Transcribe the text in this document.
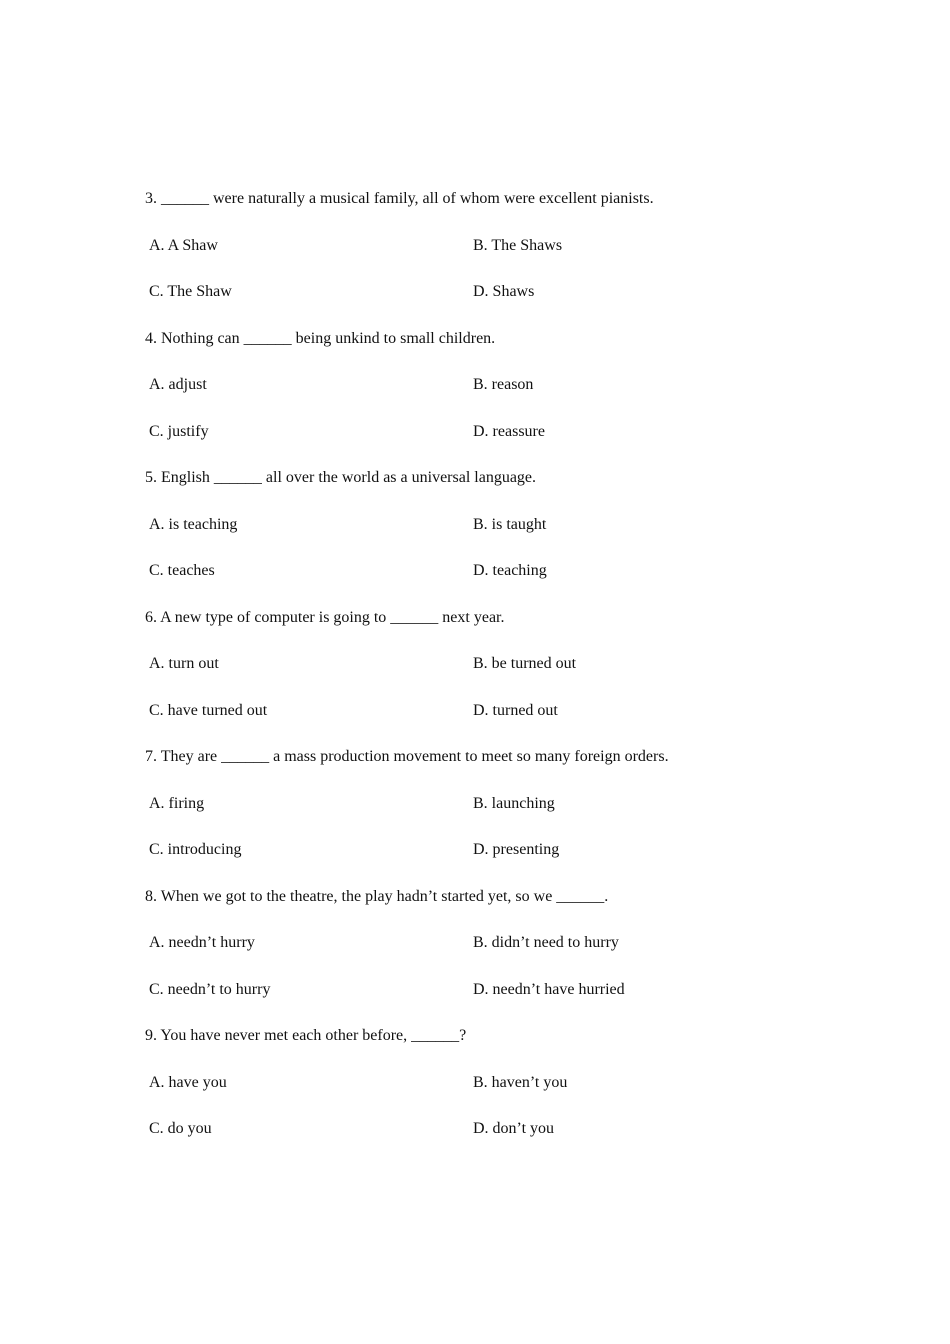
3. ______ were naturally a musical family, all of whom were excellent pianists.
A. A Shaw	B. The Shaws
C. The Shaw	D. Shaws
4. Nothing can ______ being unkind to small children.
A. adjust	B. reason
C. justify	D. reassure
5. English ______ all over the world as a universal language.
A. is teaching	B. is taught
C. teaches	D. teaching
6. A new type of computer is going to ______ next year.
A. turn out	B. be turned out
C. have turned out	D. turned out
7. They are ______ a mass production movement to meet so many foreign orders.
A. firing	B. launching
C. introducing	D. presenting
8. When we got to the theatre, the play hadn’t started yet, so we ______.
A. needn’t hurry	B. didn’t need to hurry
C. needn’t to hurry	D. needn’t have hurried
9. You have never met each other before, ______?
A. have you	B. haven’t you
C. do you	D. don’t you
